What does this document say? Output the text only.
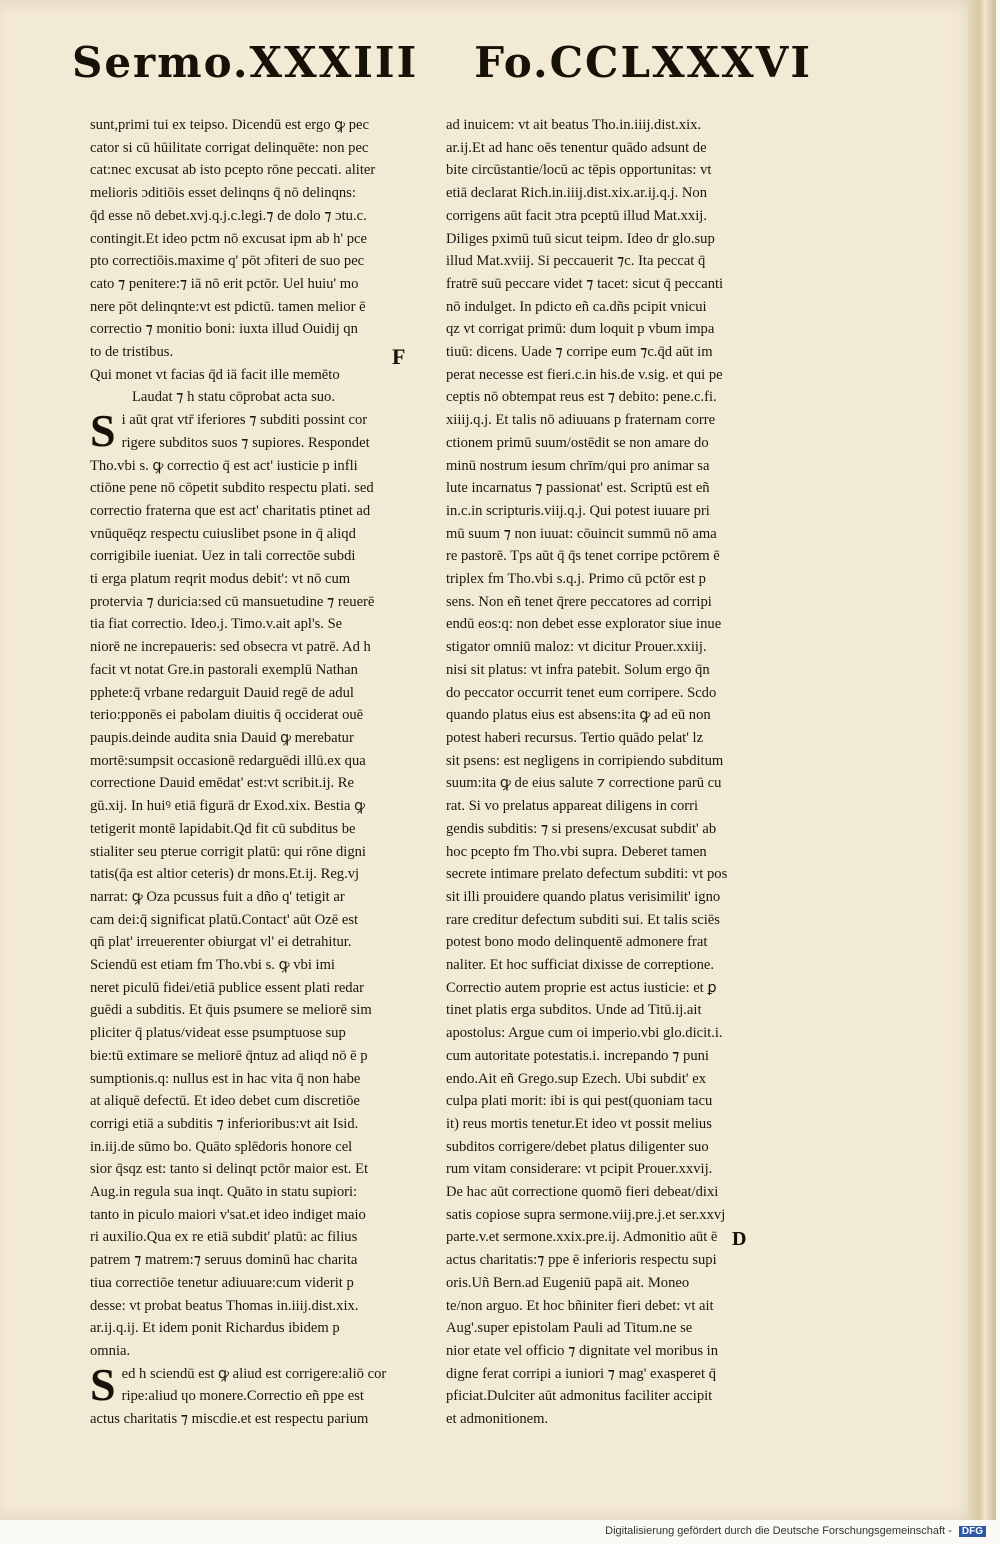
Sermo.XXXIII Fo.CCLXXXVI

sunt,primi tui ex teipso. Dicendū est ergo ꝙ pec

cator si cū hūilitate corrigat delinquēte: non pec

cat:nec excusat ab isto pcepto rōne peccati. aliter

melioris ɔditiōis esset delinqns q̄ nō delinqns:

q̄d esse nō debet.xvj.q.j.c.legi.⁊ de dolo ⁊ ɔtu.c.

contingit.Et ideo pctm nō excusat ipm ab h' pce

pto correctiōis.maxime q' pōt ɔfiteri de suo pec

cato ⁊ penitere:⁊ iā nō erit pctōr. Uel huiu' mo

nere pōt delinqnte:vt est pdictū. tamen melior ē

correctio ⁊ monitio boni: iuxta illud Ouidij qn

to de tristibus.

Qui monet vt facias q̄d iā facit ille memēto

Laudat ⁊ h statu cōprobat acta suo.

S i aūt qrat vtr̄ iferiores ⁊ subditi possint cor

rigere subditos suos ⁊ supiores. Respondet

Tho.vbi s. ꝙ correctio q̄ est act' iusticie p infli

ctiōne pene nō cōpetit subdito respectu plati. sed

correctio fraterna que est act' charitatis ptinet ad

vnūquēqz respectu cuiuslibet psone in q̄ aliqd

corrigibile iueniat. Uez in tali correctōe subdi

ti erga platum reqrit modus debit': vt nō cum

protervia ⁊ duricia:sed cū mansuetudine ⁊ reuerē

tia fiat correctio. Ideo.j. Timo.v.ait apl's. Se

niorē ne increpaueris: sed obsecra vt patrē. Ad h

facit vt notat Gre.in pastorali exemplū Nathan

pphete:q̄ vrbane redarguit Dauid regē de adul

terio:pponēs ei pabolam diuitis q̄ occiderat ouē

paupis.deinde audita snia Dauid ꝙ merebatur

mortē:sumpsit occasionē redarguēdi illū.ex qua

correctione Dauid emēdat' est:vt scribit.ij. Re

gū.xij. In huiꝰ etiā figurā dr Exod.xix. Bestia ꝙ

tetigerit montē lapidabit.Qd fit cū subditus be

stialiter seu pterue corrigit platū: qui rōne digni

tatis(q̄a est altior ceteris) dr mons.Et.ij. Reg.vj

narrat: ꝙ Oza pcussus fuit a dño q' tetigit ar

cam dei:q̄ significat platū.Contact' aūt Ozē est

qn̄ plat' irreuerenter obiurgat vl' ei detrahitur.

Sciendū est etiam fm Tho.vbi s. ꝙ vbi imi

neret piculū fidei/etiā publice essent plati redar

guēdi a subditis. Et q̄uis psumere se meliorē sim

pliciter q̄ platus/videat esse psumptuose sup

bie:tū extimare se meliorē q̄ntuz ad aliqd nō ē p

sumptionis.q: nullus est in hac vita q̄ non habe

at aliquē defectū. Et ideo debet cum discretiōe

corrigi etiā a subditis ⁊ inferioribus:vt ait Isid.

in.iij.de sūmo bo. Quāto splēdoris honore cel

sior q̄sqz est: tanto si delinqt pctōr maior est. Et

Aug.in regula sua inqt. Quāto in statu supiori:

tanto in piculo maiori v'sat.et ideo indiget maio

ri auxilio.Qua ex re etiā subdit' platū: ac filius

patrem ⁊ matrem:⁊ seruus dominū hac charita

tiua correctiōe tenetur adiuuare:cum viderit p

desse: vt probat beatus Thomas in.iiij.dist.xix.

ar.ij.q.ij. Et idem ponit Richardus ibidem p

omnia.

S ed h sciendū est ꝙ aliud est corrigere:aliō cor

ripe:aliud ɥo monere.Correctio eñ ppe est

actus charitatis ⁊ miscdie.et est respectu parium

ad inuicem: vt ait beatus Tho.in.iiij.dist.xix.

ar.ij.Et ad hanc oēs tenentur quādo adsunt de

bite circūstantie/locū ac tēpis opportunitas: vt

etiā declarat Rich.in.iiij.dist.xix.ar.ij.q.j. Non

corrigens aūt facit ɔtra pceptū illud Mat.xxij.

Diliges pximū tuū sicut teipm. Ideo dr glo.sup

illud Mat.xviij. Si peccauerit ⁊c. Ita peccat q̄

fratrē suū peccare videt ⁊ tacet: sicut q̄ peccanti

nō indulget. In pdicto eñ ca.dñs pcipit vnicui

qz vt corrigat primū: dum loquit p vbum impa

tiuū: dicens. Uade ⁊ corripe eum ⁊c.q̄d aūt im

perat necesse est fieri.c.in his.de v.sig. et qui pe

ceptis nō obtempat reus est ⁊ debito: pene.c.fi.

xiiij.q.j. Et talis nō adiuuans p fraternam corre

ctionem primū suum/ostēdit se non amare do

minū nostrum iesum chrīm/qui pro animar sa

lute incarnatus ⁊ passionat' est. Scriptū est eñ

in.c.in scripturis.viij.q.j. Qui potest iuuare pri

mū suum ⁊ non iuuat: cōuincit summū nō ama

re pastorē. Tps aūt q̄ q̄s tenet corripe pctōrem ē

triplex fm Tho.vbi s.q.j. Primo cū pctōr est p

sens. Non eñ tenet q̄rere peccatores ad corripi

endū eos:q: non debet esse explorator siue inue

stigator omniū maloz: vt dicitur Prouer.xxiij.

nisi sit platus: vt infra patebit. Solum ergo q̄n

do peccator occurrit tenet eum corripere. Scdo

quando platus eius est absens:ita ꝙ ad eū non

potest haberi recursus. Tertio quādo pelat' lz

sit psens: est negligens in corripiendo subditum

suum:ita ꝙ de eius salute ⁊ correctione parū cu

rat. Si vo prelatus appareat diligens in corri

gendis subditis: ⁊ si presens/excusat subdit' ab

hoc pcepto fm Tho.vbi supra. Deberet tamen

secrete intimare prelato defectum subditi: vt pos

sit illi prouidere quando platus verisimilit' igno

rare creditur defectum subditi sui. Et talis sciēs

potest bono modo delinquentē admonere frat

naliter. Et hoc sufficiat dixisse de correptione.

Correctio autem proprie est actus iusticie: et ꝑ

tinet platis erga subditos. Unde ad Titū.ij.ait

apostolus: Argue cum oi imperio.vbi glo.dicit.i.

cum autoritate potestatis.i. increpando ⁊ puni

endo.Ait eñ Grego.sup Ezech. Ubi subdit' ex

culpa plati morit: ibi is qui pest(quoniam tacu

it) reus mortis tenetur.Et ideo vt possit melius

subditos corrigere/debet platus diligenter suo

rum vitam considerare: vt pcipit Prouer.xxvij.

De hac aūt correctione quomō fieri debeat/dixi

satis copiose supra sermone.viij.pre.j.et ser.xxvj

parte.v.et sermone.xxix.pre.ij. Admonitio aūt ē

actus charitatis:⁊ ppe ē inferioris respectu supi

oris.Uñ Bern.ad Eugeniū papā ait. Moneo

te/non arguo. Et hoc bñiniter fieri debet: vt ait

Aug'.super epistolam Pauli ad Titum.ne se

nior etate vel officio ⁊ dignitate vel moribus in

digne ferat corripi a iuniori ⁊ mag' exasperet q̄

pficiat.Dulciter aūt admonitus faciliter accipit

et admonitionem.

F
D
Digitalisierung gefördert durch die Deutsche Forschungsgemeinschaft - DFG
